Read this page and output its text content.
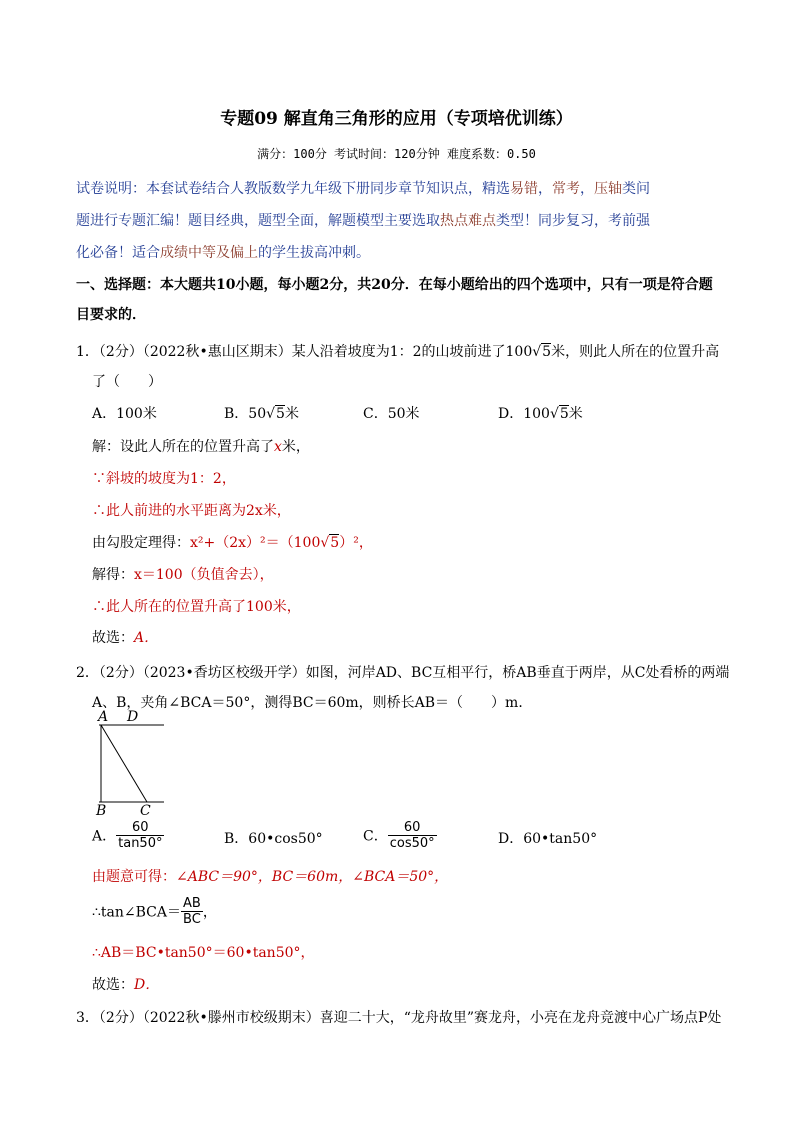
专题09 解直角三角形的应用（专项培优训练）
满分：100分 考试时间：120分钟 难度系数：0.50
试卷说明：本套试卷结合人教版数学九年级下册同步章节知识点，精选易错，常考，压轴类问
题进行专题汇编！题目经典，题型全面，解题模型主要选取热点难点类型！同步复习，考前强
化必备！适合成绩中等及偏上的学生拔高冲刺。
一、选择题：本大题共10小题，每小题2分，共20分．在每小题给出的四个选项中，只有一项是符合题
目要求的．
1．（2分）（2022秋•惠山区期末）某人沿着坡度为1：2的山坡前进了100√5米，则此人所在的位置升高
了（　　）
A．100米	B．50√5米	C．50米	D．100√5米
解：设此人所在的位置升高了x米，
∵斜坡的坡度为1：2，
∴此人前进的水平距离为2x米，
由勾股定理得：x²+（2x）²＝（100√5）²，
解得：x＝100（负值舍去），
∴此人所在的位置升高了100米，
故选：A．
2．（2分）（2023•香坊区校级开学）如图，河岸AD、BC互相平行，桥AB垂直于两岸，从C处看桥的两端
A、B，夹角∠BCA＝50°，测得BC＝60m，则桥长AB＝（　　）m．
A D
B C
A． $\frac{60}{\tan 50^\circ}$	B．60•cos50°	C． $\frac{60}{\cos 50^\circ}$	D．60•tan50°
由题意可得：∠ABC＝90°，BC＝60m，∠BCA＝50°，
∴tan∠BCA＝ $\frac{AB}{BC}$ ，
∴AB＝BC•tan50°＝60•tan50°，
故选：D．
3．（2分）（2022秋•滕州市校级期末）喜迎二十大，“龙舟故里”赛龙舟，小亮在龙舟竞渡中心广场点P处
